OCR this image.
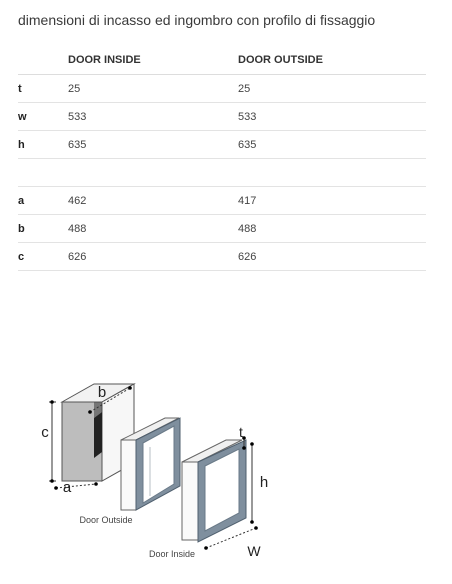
dimensioni di incasso ed ingombro con profilo di fissaggio
	DOOR INSIDE	DOOR OUTSIDE
t	25	25
w	533	533
h	635	635

a	462	417
b	488	488
c	626	626
c
b
a
Door Outside
t
h
W
Door Inside
